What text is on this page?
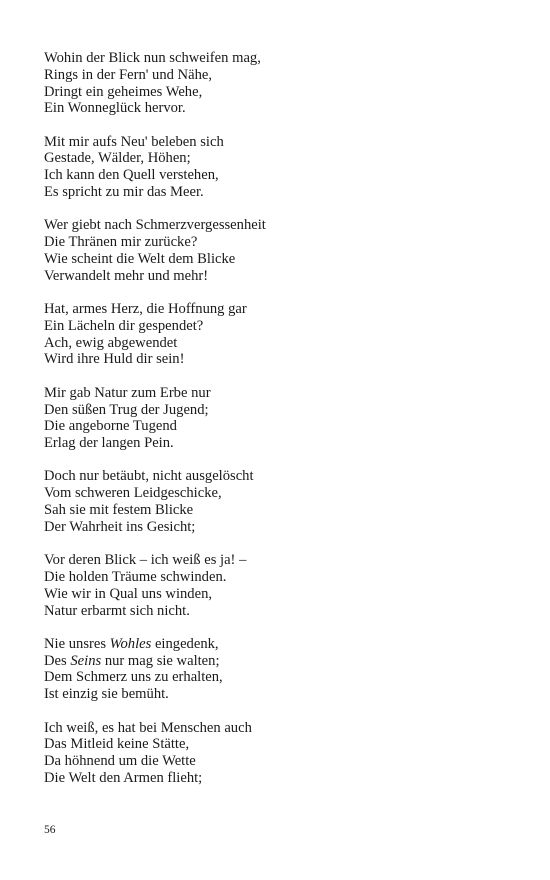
Wohin der Blick nun schweifen mag,
Rings in der Fern' und Nähe,
Dringt ein geheimes Wehe,
Ein Wonneglück hervor.
Mit mir aufs Neu' beleben sich
Gestade, Wälder, Höhen;
Ich kann den Quell verstehen,
Es spricht zu mir das Meer.
Wer giebt nach Schmerzvergessenheit
Die Thränen mir zurücke?
Wie scheint die Welt dem Blicke
Verwandelt mehr und mehr!
Hat, armes Herz, die Hoffnung gar
Ein Lächeln dir gespendet?
Ach, ewig abgewendet
Wird ihre Huld dir sein!
Mir gab Natur zum Erbe nur
Den süßen Trug der Jugend;
Die angeborne Tugend
Erlag der langen Pein.
Doch nur betäubt, nicht ausgelöscht
Vom schweren Leidgeschicke,
Sah sie mit festem Blicke
Der Wahrheit ins Gesicht;
Vor deren Blick – ich weiß es ja! –
Die holden Träume schwinden.
Wie wir in Qual uns winden,
Natur erbarmt sich nicht.
Nie unsres Wohles eingedenk,
Des Seins nur mag sie walten;
Dem Schmerz uns zu erhalten,
Ist einzig sie bemüht.
Ich weiß, es hat bei Menschen auch
Das Mitleid keine Stätte,
Da höhnend um die Wette
Die Welt den Armen flieht;
56
